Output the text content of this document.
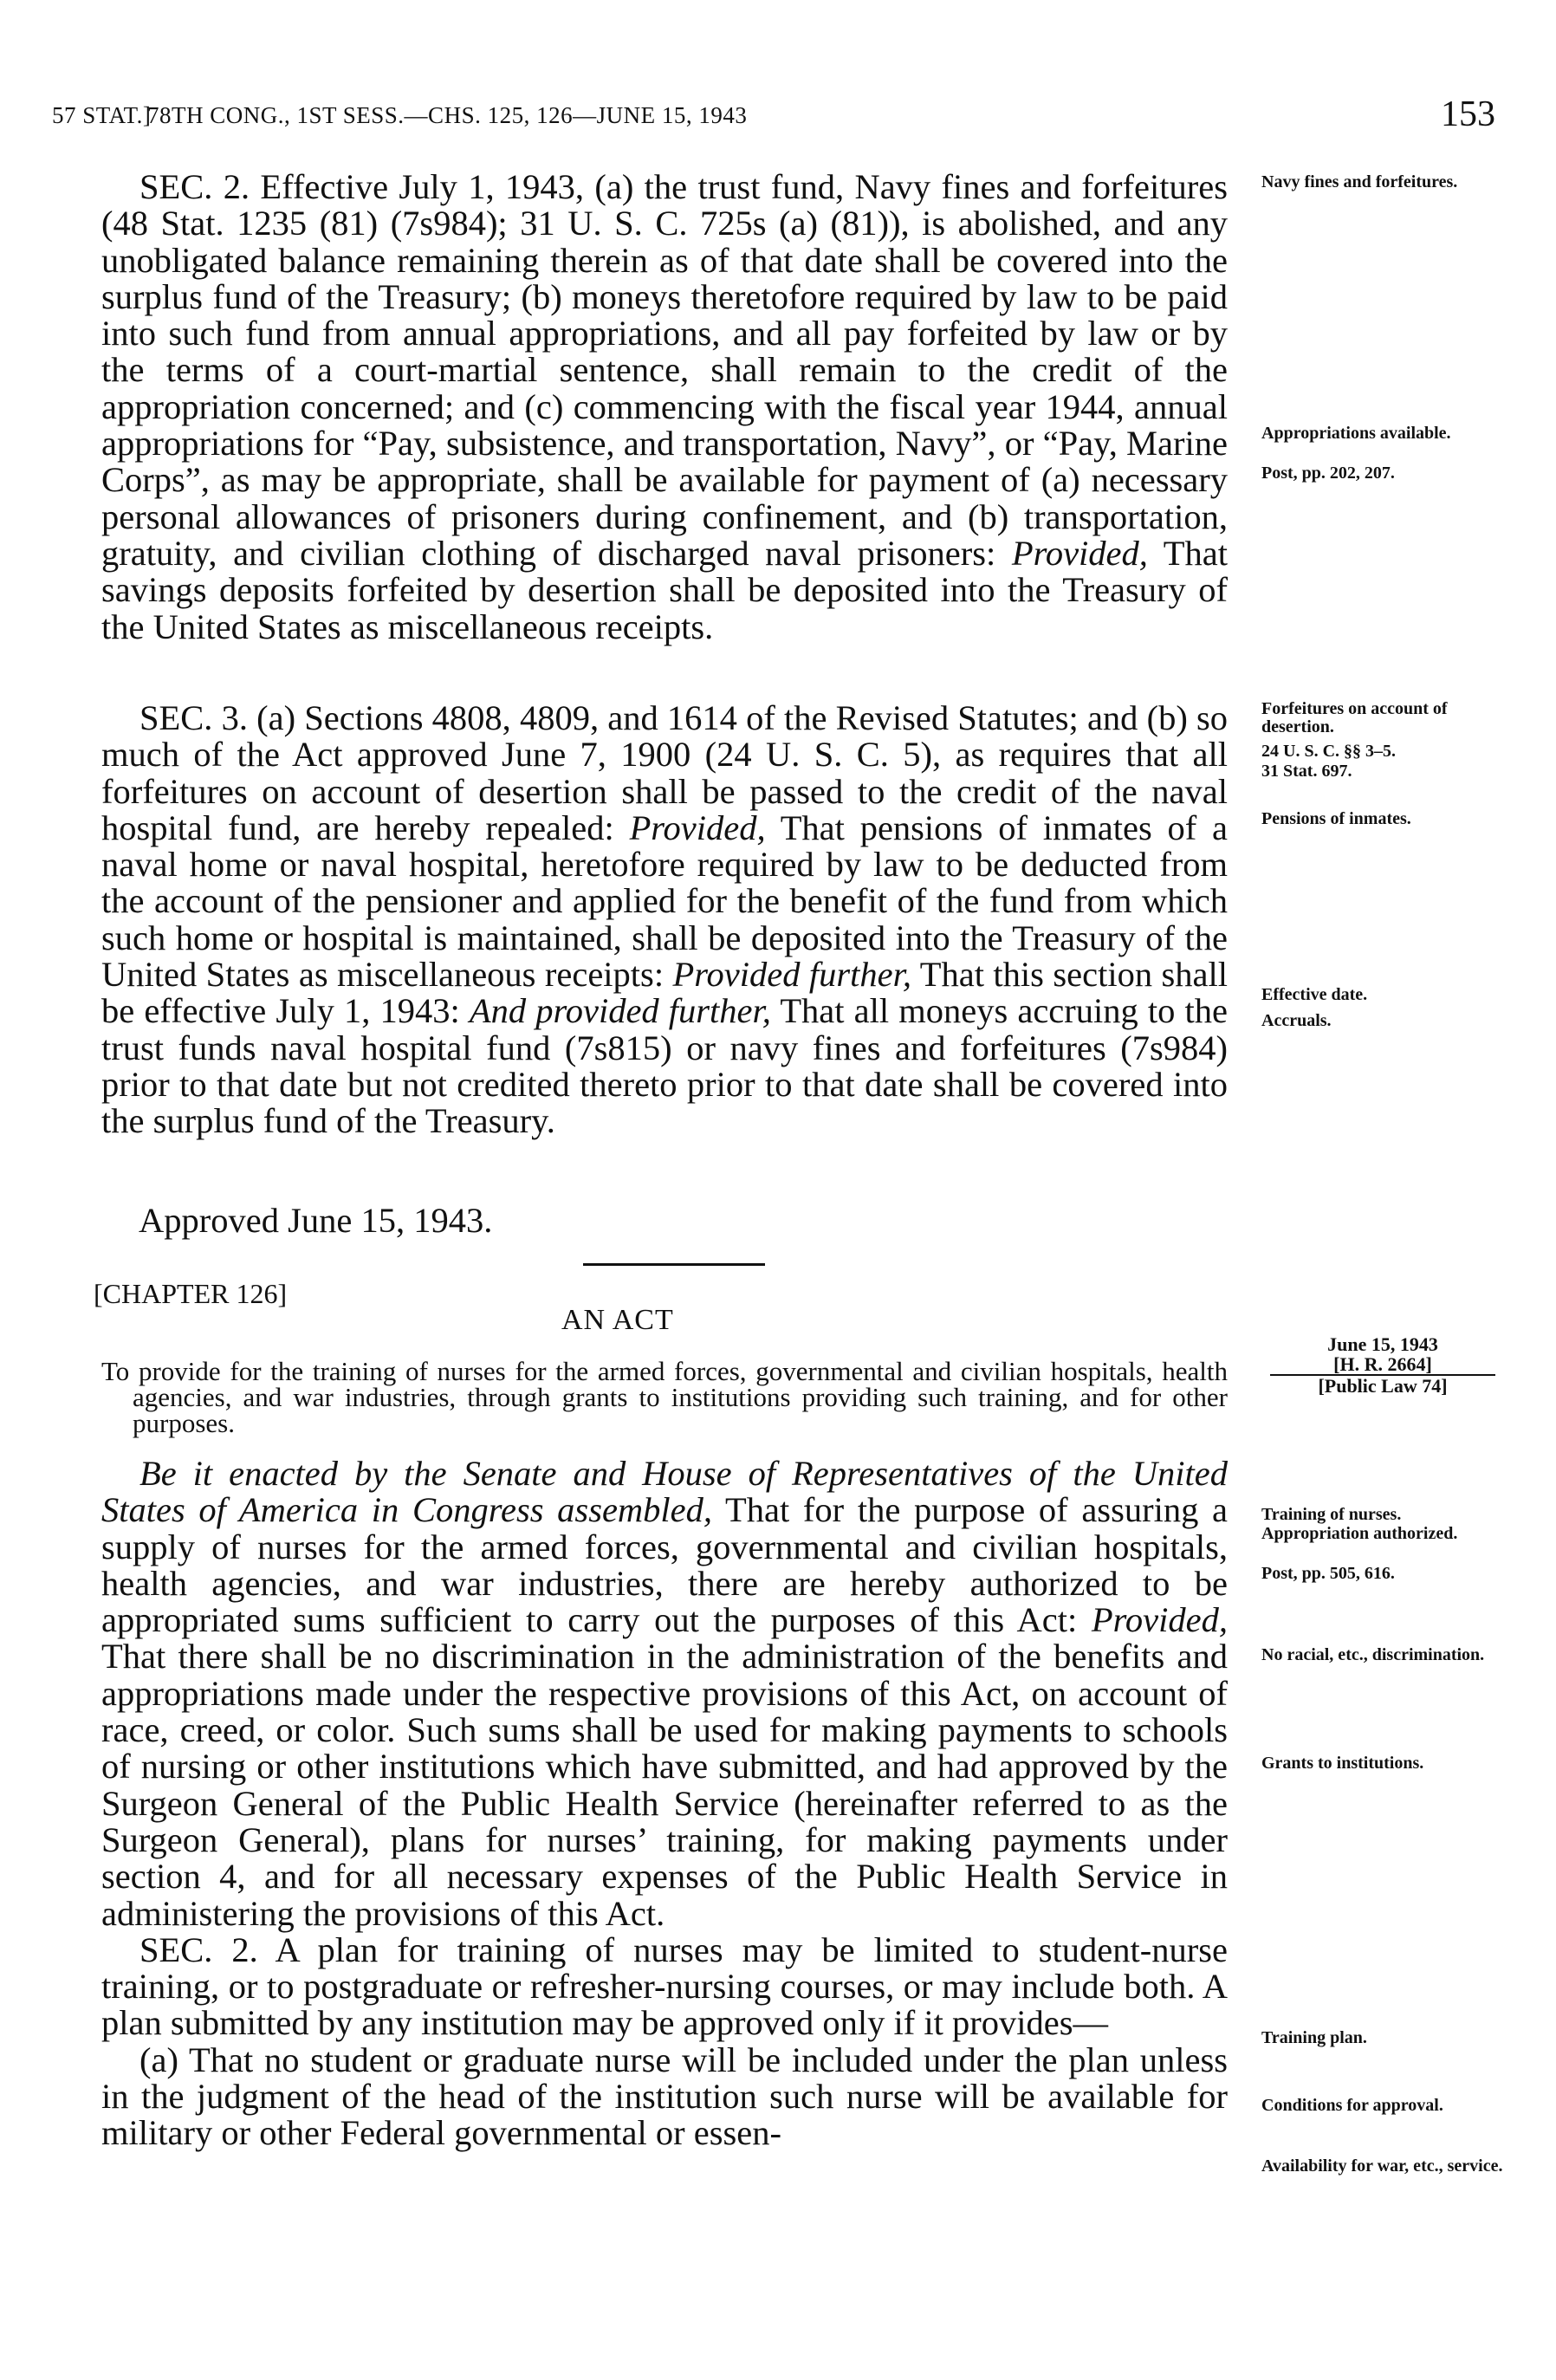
57 STAT.]
78TH CONG., 1ST SESS.—CHS. 125, 126—JUNE 15, 1943	153

SEC. 2. Effective July 1, 1943, (a) the trust fund, Navy fines and forfeitures (48 Stat. 1235 (81) (7s984); 31 U. S. C. 725s (a) (81)), is abolished, and any unobligated balance remaining therein as of that date shall be covered into the surplus fund of the Treasury; (b) moneys theretofore required by law to be paid into such fund from annual appropriations, and all pay forfeited by law or by the terms of a court-martial sentence, shall remain to the credit of the appropriation concerned; and (c) commencing with the fiscal year 1944, annual appropriations for “Pay, subsistence, and transportation, Navy”, or “Pay, Marine Corps”, as may be appropriate, shall be available for payment of (a) necessary personal allowances of prisoners during confinement, and (b) transportation, gratuity, and civilian clothing of discharged naval prisoners: Provided, That savings deposits forfeited by desertion shall be deposited into the Treasury of the United States as miscellaneous receipts.

SEC. 3. (a) Sections 4808, 4809, and 1614 of the Revised Statutes; and (b) so much of the Act approved June 7, 1900 (24 U. S. C. 5), as requires that all forfeitures on account of desertion shall be passed to the credit of the naval hospital fund, are hereby repealed: Provided, That pensions of inmates of a naval home or naval hospital, heretofore required by law to be deducted from the account of the pensioner and applied for the benefit of the fund from which such home or hospital is maintained, shall be deposited into the Treasury of the United States as miscellaneous receipts: Provided further, That this section shall be effective July 1, 1943: And provided further, That all moneys accruing to the trust funds naval hospital fund (7s815) or navy fines and forfeitures (7s984) prior to that date but not credited thereto prior to that date shall be covered into the surplus fund of the Treasury.

Approved June 15, 1943.
[CHAPTER 126]
AN ACT
To provide for the training of nurses for the armed forces, governmental and civilian hospitals, health agencies, and war industries, through grants to institutions providing such training, and for other purposes.

Be it enacted by the Senate and House of Representatives of the United States of America in Congress assembled, That for the purpose of assuring a supply of nurses for the armed forces, governmental and civilian hospitals, health agencies, and war industries, there are hereby authorized to be appropriated sums sufficient to carry out the purposes of this Act: Provided, That there shall be no discrimination in the administration of the benefits and appropriations made under the respective provisions of this Act, on account of race, creed, or color. Such sums shall be used for making payments to schools of nursing or other institutions which have submitted, and had approved by the Surgeon General of the Public Health Service (hereinafter referred to as the Surgeon General), plans for nurses’ training, for making payments under section 4, and for all necessary expenses of the Public Health Service in administering the provisions of this Act.

SEC. 2. A plan for training of nurses may be limited to student-nurse training, or to postgraduate or refresher-nursing courses, or may include both. A plan submitted by any institution may be approved only if it provides—

(a) That no student or graduate nurse will be included under the plan unless in the judgment of the head of the institution such nurse will be available for military or other Federal governmental or essen-

Navy fines and forfeitures.
Appropriations available.
Post, pp. 202, 207.
Forfeitures on account of desertion.
24 U. S. C. §§ 3–5.
31 Stat. 697.
Pensions of inmates.
Effective date.
Accruals.
June 15, 1943
[H. R. 2664]
[Public Law 74]
Training of nurses.
Appropriation authorized.
Post, pp. 505, 616.
No racial, etc., discrimination.
Grants to institutions.
Training plan.
Conditions for approval.
Availability for war, etc., service.
